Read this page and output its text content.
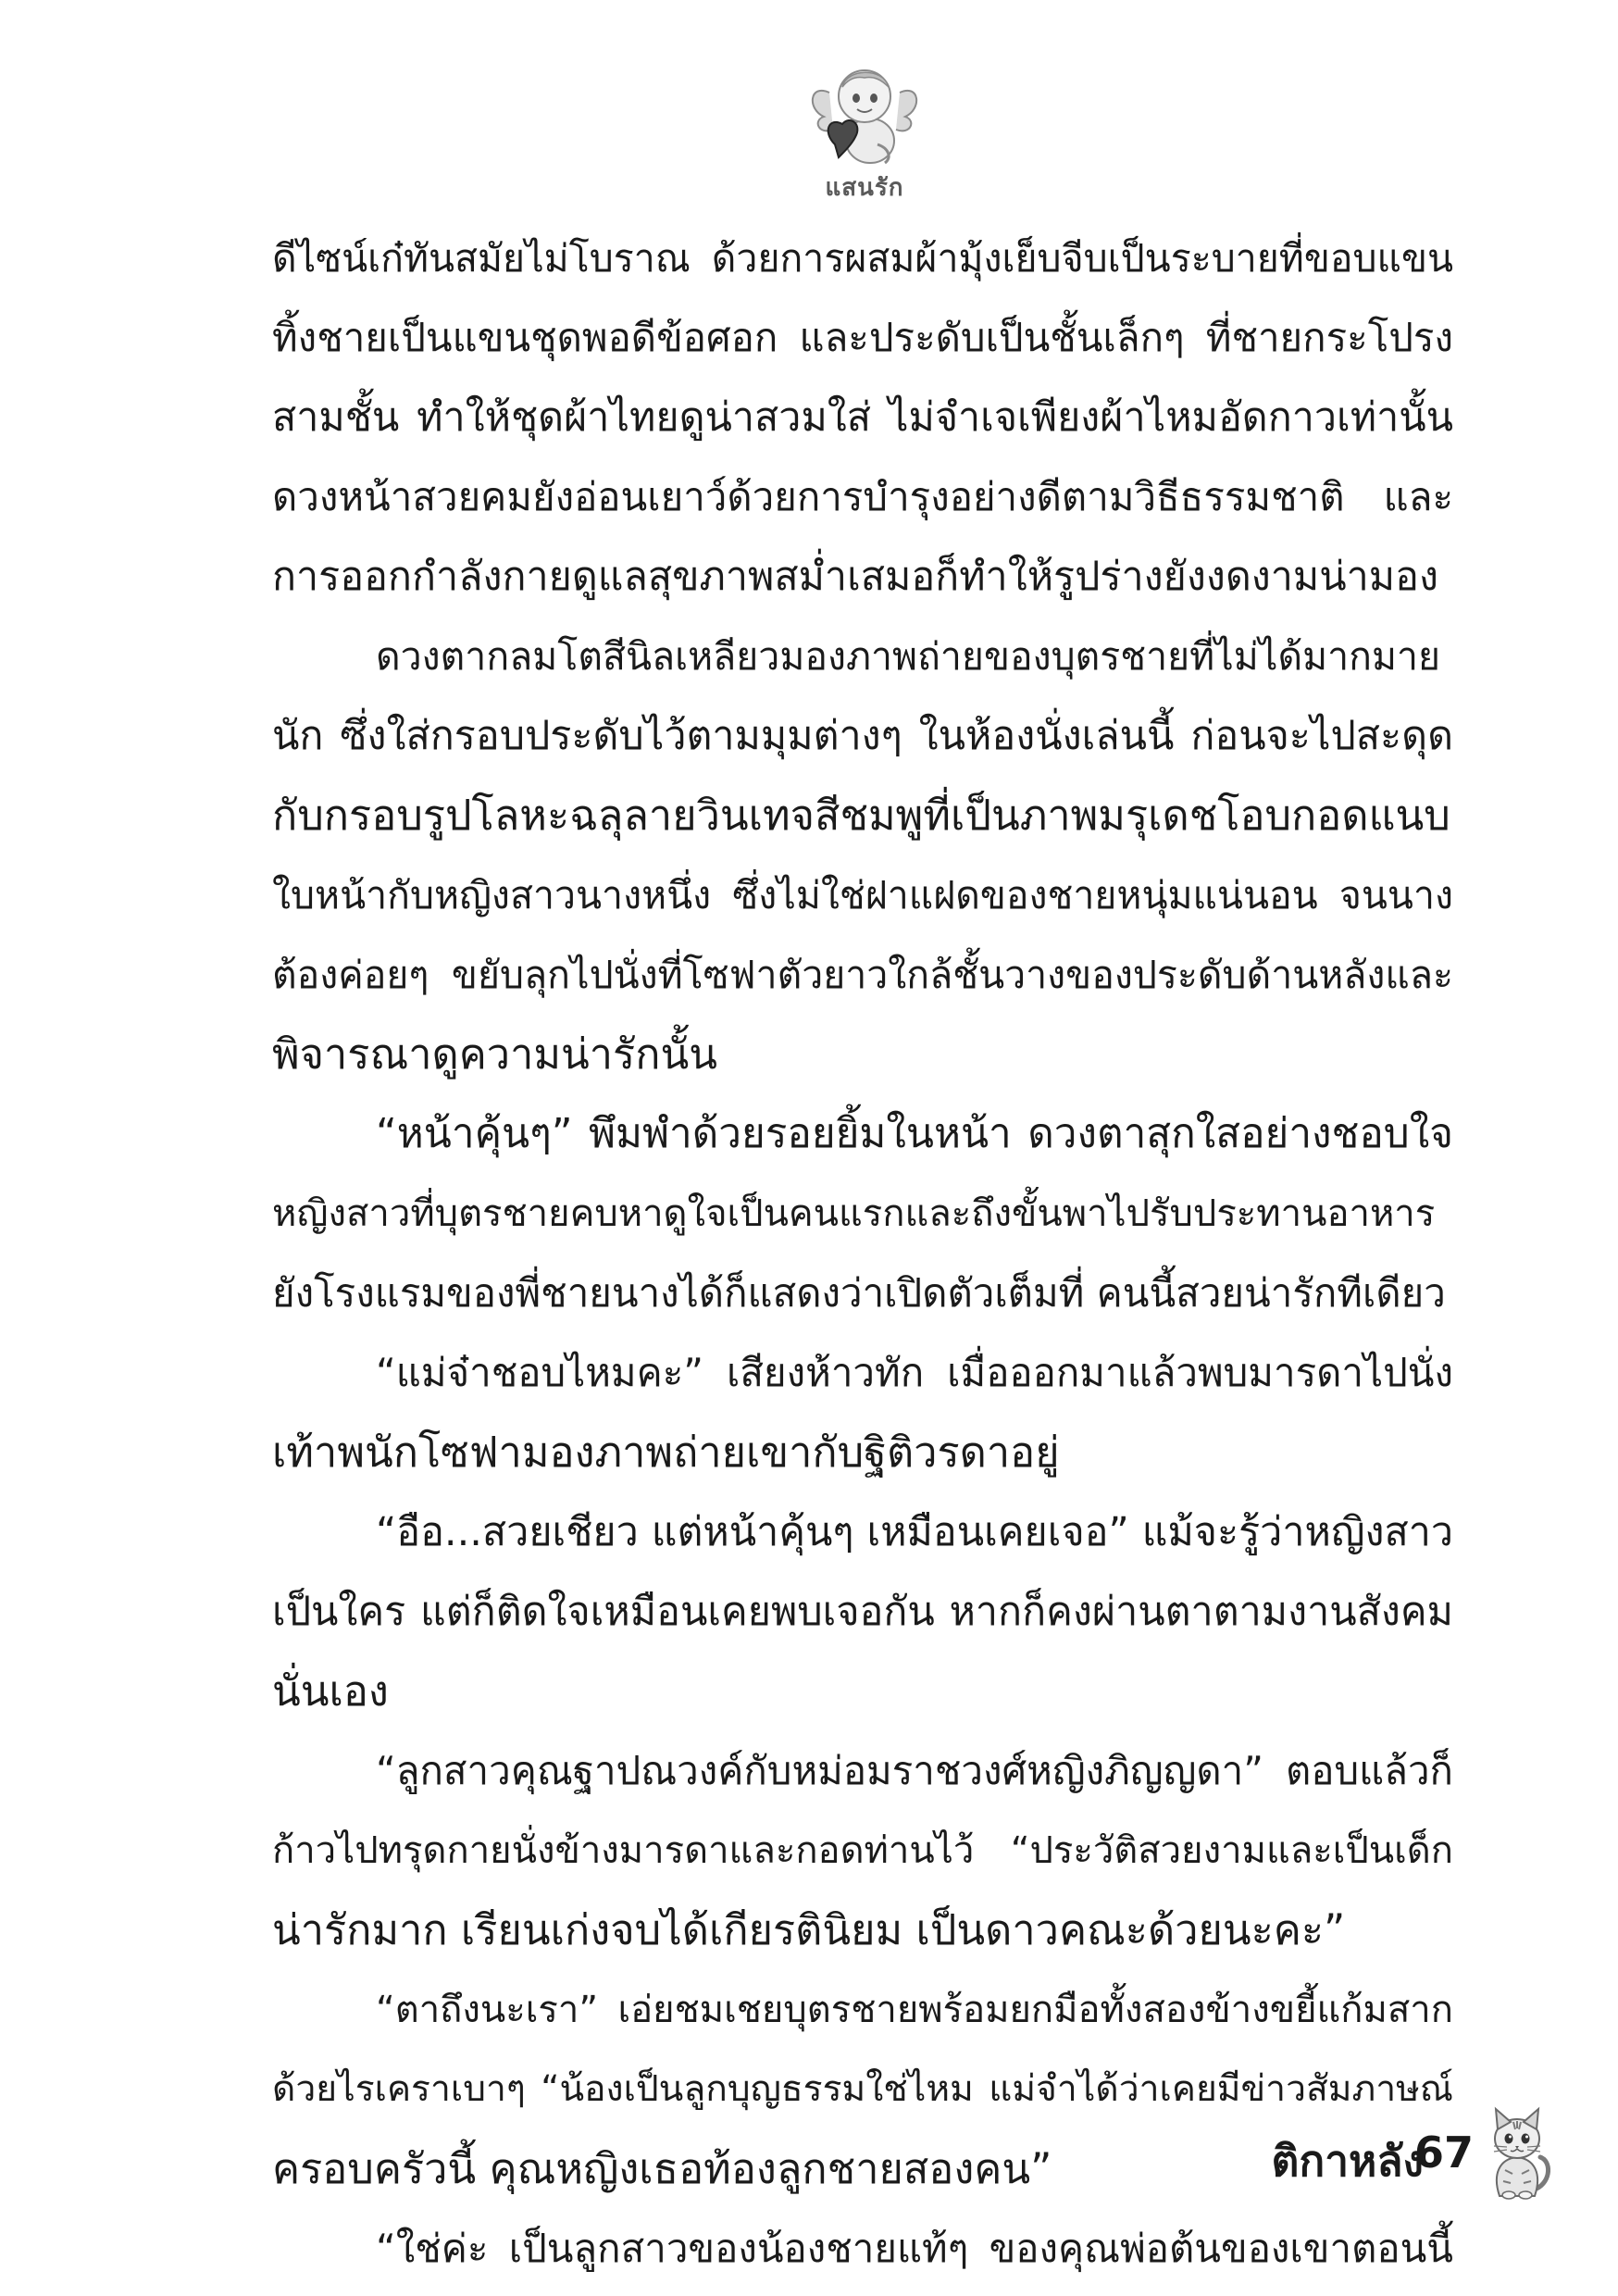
แสนรัก
ดีไซน์เก๋ทันสมัยไม่โบราณ ด้วยการผสมผ้ามุ้งเย็บจีบเป็นระบายที่ขอบแขน
ทิ้งชายเป็นแขนชุดพอดีข้อศอก และประดับเป็นชั้นเล็กๆ ที่ชายกระโปรง
สามชั้น ทำให้ชุดผ้าไทยดูน่าสวมใส่ ไม่จำเจเพียงผ้าไหมอัดกาวเท่านั้น
ดวงหน้าสวยคมยังอ่อนเยาว์ด้วยการบำรุงอย่างดีตามวิธีธรรมชาติ และ
การออกกำลังกายดูแลสุขภาพสม่ำเสมอก็ทำให้รูปร่างยังงดงามน่ามอง
ดวงตากลมโตสีนิลเหลียวมองภาพถ่ายของบุตรชายที่ไม่ได้มากมาย
นัก ซึ่งใส่กรอบประดับไว้ตามมุมต่างๆ ในห้องนั่งเล่นนี้ ก่อนจะไปสะดุด
กับกรอบรูปโลหะฉลุลายวินเทจสีชมพูที่เป็นภาพมรุเดชโอบกอดแนบ
ใบหน้ากับหญิงสาวนางหนึ่ง ซึ่งไม่ใช่ฝาแฝดของชายหนุ่มแน่นอน จนนาง
ต้องค่อยๆ ขยับลุกไปนั่งที่โซฟาตัวยาวใกล้ชั้นวางของประดับด้านหลังและ
พิจารณาดูความน่ารักนั้น
“หน้าคุ้นๆ” พึมพำด้วยรอยยิ้มในหน้า ดวงตาสุกใสอย่างชอบใจ
หญิงสาวที่บุตรชายคบหาดูใจเป็นคนแรกและถึงขั้นพาไปรับประทานอาหาร
ยังโรงแรมของพี่ชายนางได้ก็แสดงว่าเปิดตัวเต็มที่ คนนี้สวยน่ารักทีเดียว
“แม่จ๋าชอบไหมคะ” เสียงห้าวทัก เมื่อออกมาแล้วพบมารดาไปนั่ง
เท้าพนักโซฟามองภาพถ่ายเขากับฐิติวรดาอยู่
“อือ...สวยเชียว แต่หน้าคุ้นๆ เหมือนเคยเจอ” แม้จะรู้ว่าหญิงสาว
เป็นใคร แต่ก็ติดใจเหมือนเคยพบเจอกัน หากก็คงผ่านตาตามงานสังคม
นั่นเอง
“ลูกสาวคุณฐาปณวงค์กับหม่อมราชวงศ์หญิงภิญญดา” ตอบแล้วก็
ก้าวไปทรุดกายนั่งข้างมารดาและกอดท่านไว้ “ประวัติสวยงามและเป็นเด็ก
น่ารักมาก เรียนเก่งจบได้เกียรตินิยม เป็นดาวคณะด้วยนะคะ”
“ตาถึงนะเรา” เอ่ยชมเชยบุตรชายพร้อมยกมือทั้งสองข้างขยี้แก้มสาก
ด้วยไรเคราเบาๆ “น้องเป็นลูกบุญธรรมใช่ไหม แม่จำได้ว่าเคยมีข่าวสัมภาษณ์
ครอบครัวนี้ คุณหญิงเธอท้องลูกชายสองคน”
“ใช่ค่ะ เป็นลูกสาวของน้องชายแท้ๆ ของคุณพ่อต้นของเขาตอนนี้
ติกาหลัง
67
